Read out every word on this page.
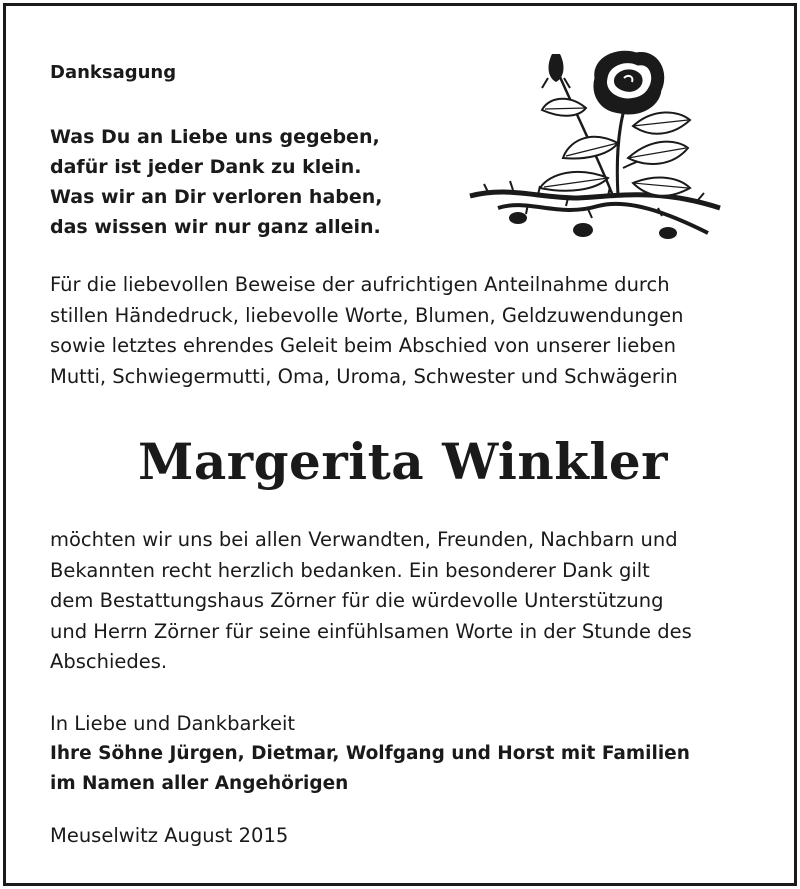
Danksagung
Was Du an Liebe uns gegeben,
dafür ist jeder Dank zu klein.
Was wir an Dir verloren haben,
das wissen wir nur ganz allein.
Für die liebevollen Beweise der aufrichtigen Anteilnahme durch
stillen Händedruck, liebevolle Worte, Blumen, Geldzuwendungen
sowie letztes ehrendes Geleit beim Abschied von unserer lieben
Mutti, Schwiegermutti, Oma, Uroma, Schwester und Schwägerin
Margerita Winkler
möchten wir uns bei allen Verwandten, Freunden, Nachbarn und
Bekannten recht herzlich bedanken. Ein besonderer Dank gilt
dem Bestattungshaus Zörner für die würdevolle Unterstützung
und Herrn Zörner für seine einfühlsamen Worte in der Stunde des
Abschiedes.
In Liebe und Dankbarkeit
Ihre Söhne Jürgen, Dietmar, Wolfgang und Horst mit Familien
im Namen aller Angehörigen
Meuselwitz August 2015
